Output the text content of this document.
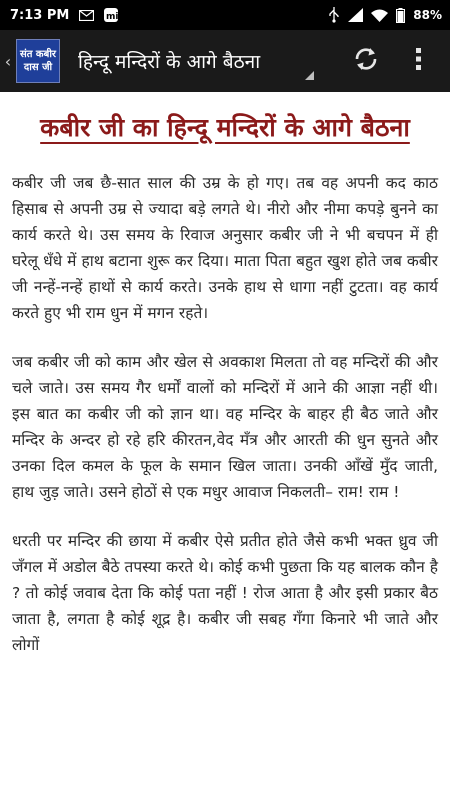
7:13 PM	mi	88%
‹ संत कबीर
दास जी हिन्दू मन्दिरों के आगे बैठना
कबीर जी का हिन्दू मन्दिरों के आगे बैठना

कबीर जी जब छै-सात साल की उम्र के हो गए। तब वह अपनी कद काठ हिसाब से अपनी उम्र से ज्यादा बड़े लगते थे। नीरो और नीमा कपड़े बुनने का कार्य करते थे। उस समय के रिवाज अनुसार कबीर जी ने भी बचपन में ही घरेलू धँधे में हाथ बटाना शुरू कर दिया। माता पिता बहुत खुश होते जब कबीर जी नन्हें-नन्हें हाथों से कार्य करते। उनके हाथ से धागा नहीं टुटता। वह कार्य करते हुए भी राम धुन में मगन रहते।

जब कबीर जी को काम और खेल से अवकाश मिलता तो वह मन्दिरों की और चले जाते। उस समय गैर धर्मों वालों को मन्दिरों में आने की आज्ञा नहीं थी। इस बात का कबीर जी को ज्ञान था। वह मन्दिर के बाहर ही बैठ जाते और मन्दिर के अन्दर हो रहे हरि कीरतन,वेद मँत्र और आरती की धुन सुनते और उनका दिल कमल के फूल के समान खिल जाता। उनकी आँखें मुँद जाती, हाथ जुड़ जाते। उसने होठों से एक मधुर आवाज निकलती– राम! राम !

धरती पर मन्दिर की छाया में कबीर ऐसे प्रतीत होते जैसे कभी भक्त ध्रुव जी जँगल में अडोल बैठे तपस्या करते थे। कोई कभी पुछता कि यह बालक कौन है ? तो कोई जवाब देता कि कोई पता नहीं ! रोज आता है और इसी प्रकार बैठ जाता है, लगता है कोई शूद्र है। कबीर जी सबह गँगा किनारे भी जाते और लोगों
